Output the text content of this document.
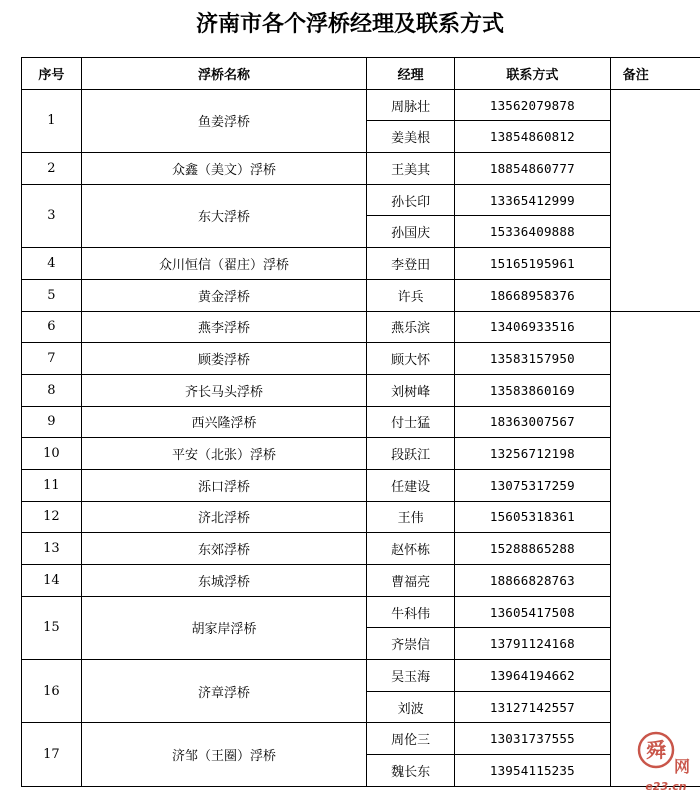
济南市各个浮桥经理及联系方式
序号	浮桥名称	经理	联系方式	备注
1	鱼姜浮桥	周脉壮	13562079878	
		姜美根	13854860812	
2	众鑫（美文）浮桥	王美其	18854860777	
3	东大浮桥	孙长印	13365412999	
		孙国庆	15336409888	
4	众川恒信（翟庄）浮桥	李登田	15165195961	
5	黄金浮桥	许兵	18668958376	
6	燕李浮桥	燕乐滨	13406933516	
7	顾娄浮桥	顾大怀	13583157950	
8	齐长马头浮桥	刘树峰	13583860169	
9	西兴隆浮桥	付士猛	18363007567	
10	平安（北张）浮桥	段跃江	13256712198	
11	泺口浮桥	任建设	13075317259	
12	济北浮桥	王伟	15605318361	
13	东郊浮桥	赵怀栋	15288865288	
14	东城浮桥	曹福亮	18866828763	
15	胡家岸浮桥	牛科伟	13605417508	
		齐崇信	13791124168	
16	济章浮桥	吴玉海	13964194662	
		刘波	13127142557	
17	济邹（王圈）浮桥	周伦三	13031737555	
		魏长东	13954115235	
舜
网
e23.cn
